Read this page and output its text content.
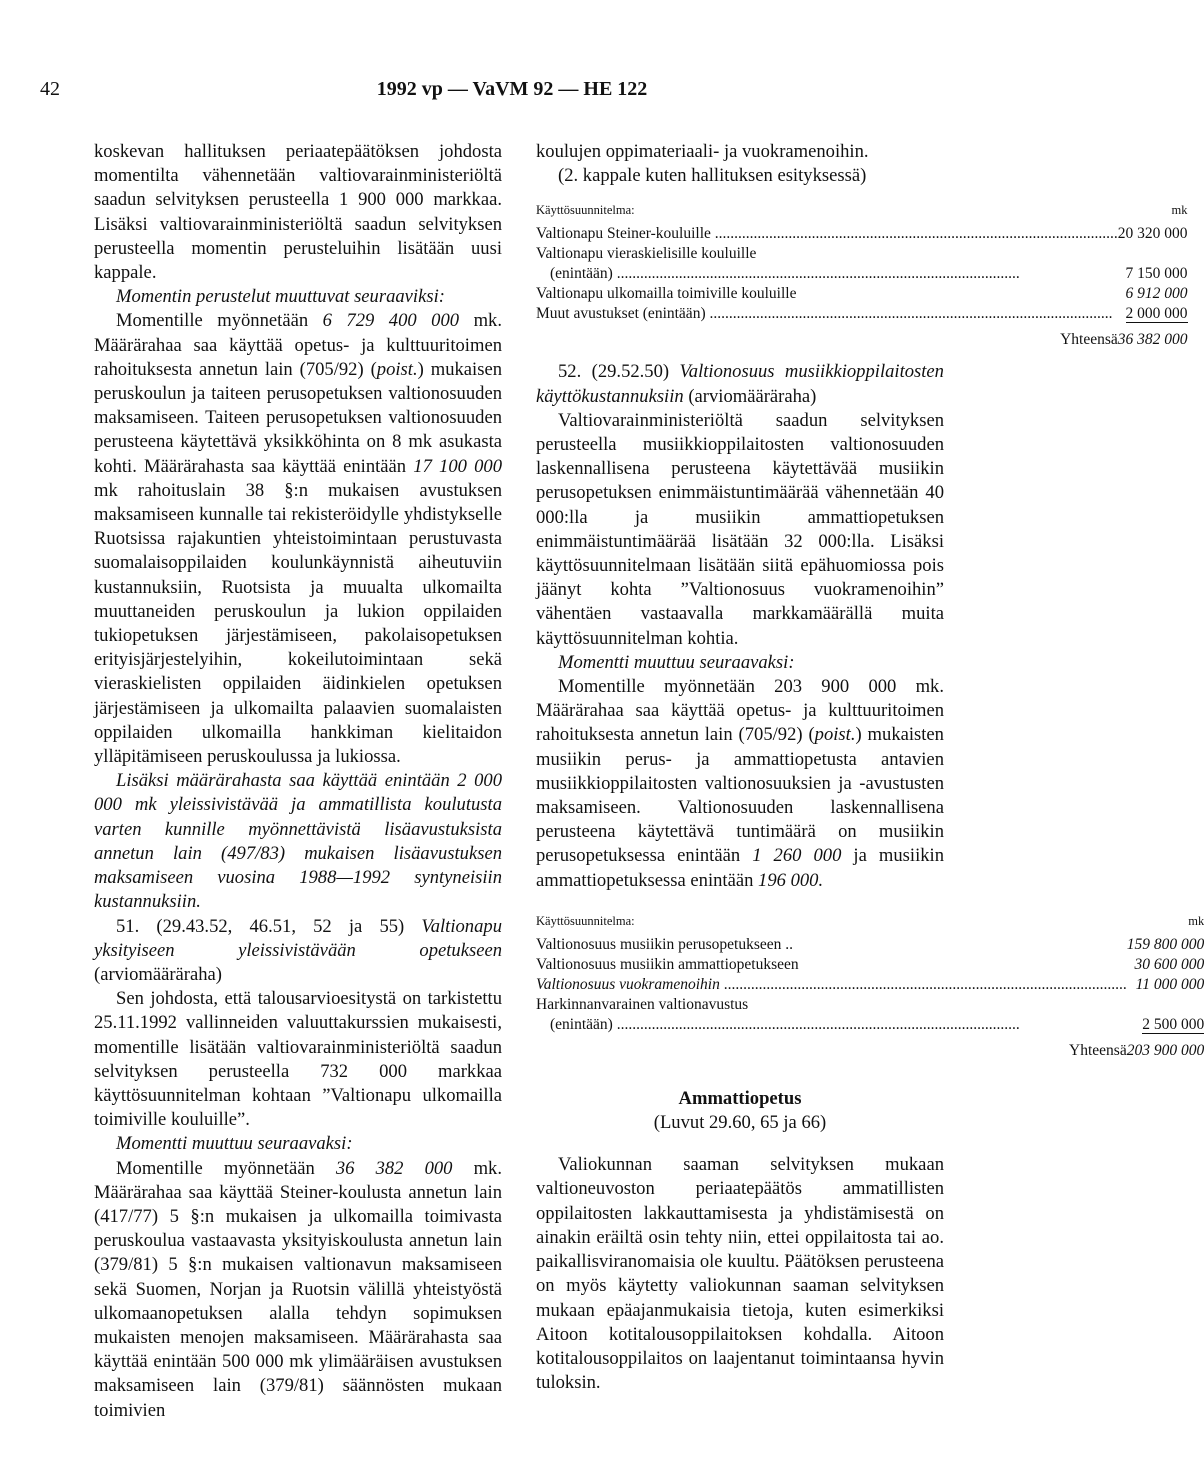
42	1992 vp — VaVM 92 — HE 122

koskevan hallituksen periaatepäätöksen johdosta momentilta vähennetään valtiovarainministeriöltä saadun selvityksen perusteella 1 900 000 markkaa. Lisäksi valtiovarainministeriöltä saadun selvityksen perusteella momentin perusteluihin lisätään uusi kappale.

Momentin perustelut muuttuvat seuraaviksi:

Momentille myönnetään 6 729 400 000 mk. Määrärahaa saa käyttää opetus- ja kulttuuritoimen rahoituksesta annetun lain (705/92) (poist.) mukaisen peruskoulun ja taiteen perusopetuksen valtionosuuden maksamiseen. Taiteen perusopetuksen valtionosuuden perusteena käytettävä yksikköhinta on 8 mk asukasta kohti. Määrärahasta saa käyttää enintään 17 100 000 mk rahoituslain 38 §:n mukaisen avustuksen maksamiseen kunnalle tai rekisteröidylle yhdistykselle Ruotsissa rajakuntien yhteistoimintaan perustuvasta suomalaisoppilaiden koulunkäynnistä aiheutuviin kustannuksiin, Ruotsista ja muualta ulkomailta muuttaneiden peruskoulun ja lukion oppilaiden tukiopetuksen järjestämiseen, pakolaisopetuksen erityisjärjestelyihin, kokeilutoimintaan sekä vieraskielisten oppilaiden äidinkielen opetuksen järjestämiseen ja ulkomailta palaavien suomalaisten oppilaiden ulkomailla hankkiman kielitaidon ylläpitämiseen peruskoulussa ja lukiossa.

Lisäksi määrärahasta saa käyttää enintään 2 000 000 mk yleissivistävää ja ammatillista koulutusta varten kunnille myönnettävistä lisäavustuksista annetun lain (497/83) mukaisen lisäavustuksen maksamiseen vuosina 1988—1992 syntyneisiin kustannuksiin.

51. (29.43.52, 46.51, 52 ja 55) Valtionapu yksityiseen yleissivistävään opetukseen (arviomääräraha)

Sen johdosta, että talousarvioesitystä on tarkistettu 25.11.1992 vallinneiden valuuttakurssien mukaisesti, momentille lisätään valtiovarainministeriöltä saadun selvityksen perusteella 732 000 markkaa käyttösuunnitelman kohtaan ”Valtionapu ulkomailla toimiville kouluille”.

Momentti muuttuu seuraavaksi:

Momentille myönnetään 36 382 000 mk. Määrärahaa saa käyttää Steiner-koulusta annetun lain (417/77) 5 §:n mukaisen ja ulkomailla toimivasta peruskoulua vastaavasta yksityiskoulusta annetun lain (379/81) 5 §:n mukaisen valtionavun maksamiseen sekä Suomen, Norjan ja Ruotsin välillä yhteistyöstä ulkomaanopetuksen alalla tehdyn sopimuksen mukaisten menojen maksamiseen. Määrärahasta saa käyttää enintään 500 000 mk ylimääräisen avustuksen maksamiseen lain (379/81) säännösten mukaan toimivien

koulujen oppimateriaali- ja vuokramenoihin.

(2. kappale kuten hallituksen esityksessä)

Käyttösuunnitelma:	mk
Valtionapu Steiner-kouluille .....	20 320 000
Valtionapu vieraskielisille kouluille	
(enintään) .....	7 150 000
Valtionapu ulkomailla toimiville kouluille	6 912 000
Muut avustukset (enintään) .....	2 000 000
Yhteensä	36 382 000

52. (29.52.50) Valtionosuus musiikkioppilaitosten käyttökustannuksiin (arviomääräraha)

Valtiovarainministeriöltä saadun selvityksen perusteella musiikkioppilaitosten valtionosuuden laskennallisena perusteena käytettävää musiikin perusopetuksen enimmäistuntimäärää vähennetään 40 000:lla ja musiikin ammattiopetuksen enimmäistuntimäärää lisätään 32 000:lla. Lisäksi käyttösuunnitelmaan lisätään siitä epähuomiossa pois jäänyt kohta ”Valtionosuus vuokramenoihin” vähentäen vastaavalla markkamäärällä muita käyttösuunnitelman kohtia.

Momentti muuttuu seuraavaksi:

Momentille myönnetään 203 900 000 mk. Määrärahaa saa käyttää opetus- ja kulttuuritoimen rahoituksesta annetun lain (705/92) (poist.) mukaisten musiikin perus- ja ammattiopetusta antavien musiikkioppilaitosten valtionosuuksien ja -avustusten maksamiseen. Valtionosuuden laskennallisena perusteena käytettävä tuntimäärä on musiikin perusopetuksessa enintään 1 260 000 ja musiikin ammattiopetuksessa enintään 196 000.

Käyttösuunnitelma:	mk
Valtionosuus musiikin perusopetukseen ..	159 800 000
Valtionosuus musiikin ammattiopetukseen	30 600 000
Valtionosuus vuokramenoihin .....	11 000 000
Harkinnanvarainen valtionavustus	
(enintään) .....	2 500 000
Yhteensä	203 900 000
Ammattiopetus
(Luvut 29.60, 65 ja 66)

Valiokunnan saaman selvityksen mukaan valtioneuvoston periaatepäätös ammatillisten oppilaitosten lakkauttamisesta ja yhdistämisestä on ainakin eräiltä osin tehty niin, ettei oppilaitosta tai ao. paikallisviranomaisia ole kuultu. Päätöksen perusteena on myös käytetty valiokunnan saaman selvityksen mukaan epäajanmukaisia tietoja, kuten esimerkiksi Aitoon kotitalousoppilaitoksen kohdalla. Aitoon kotitalousoppilaitos on laajentanut toimintaansa hyvin tuloksin.
